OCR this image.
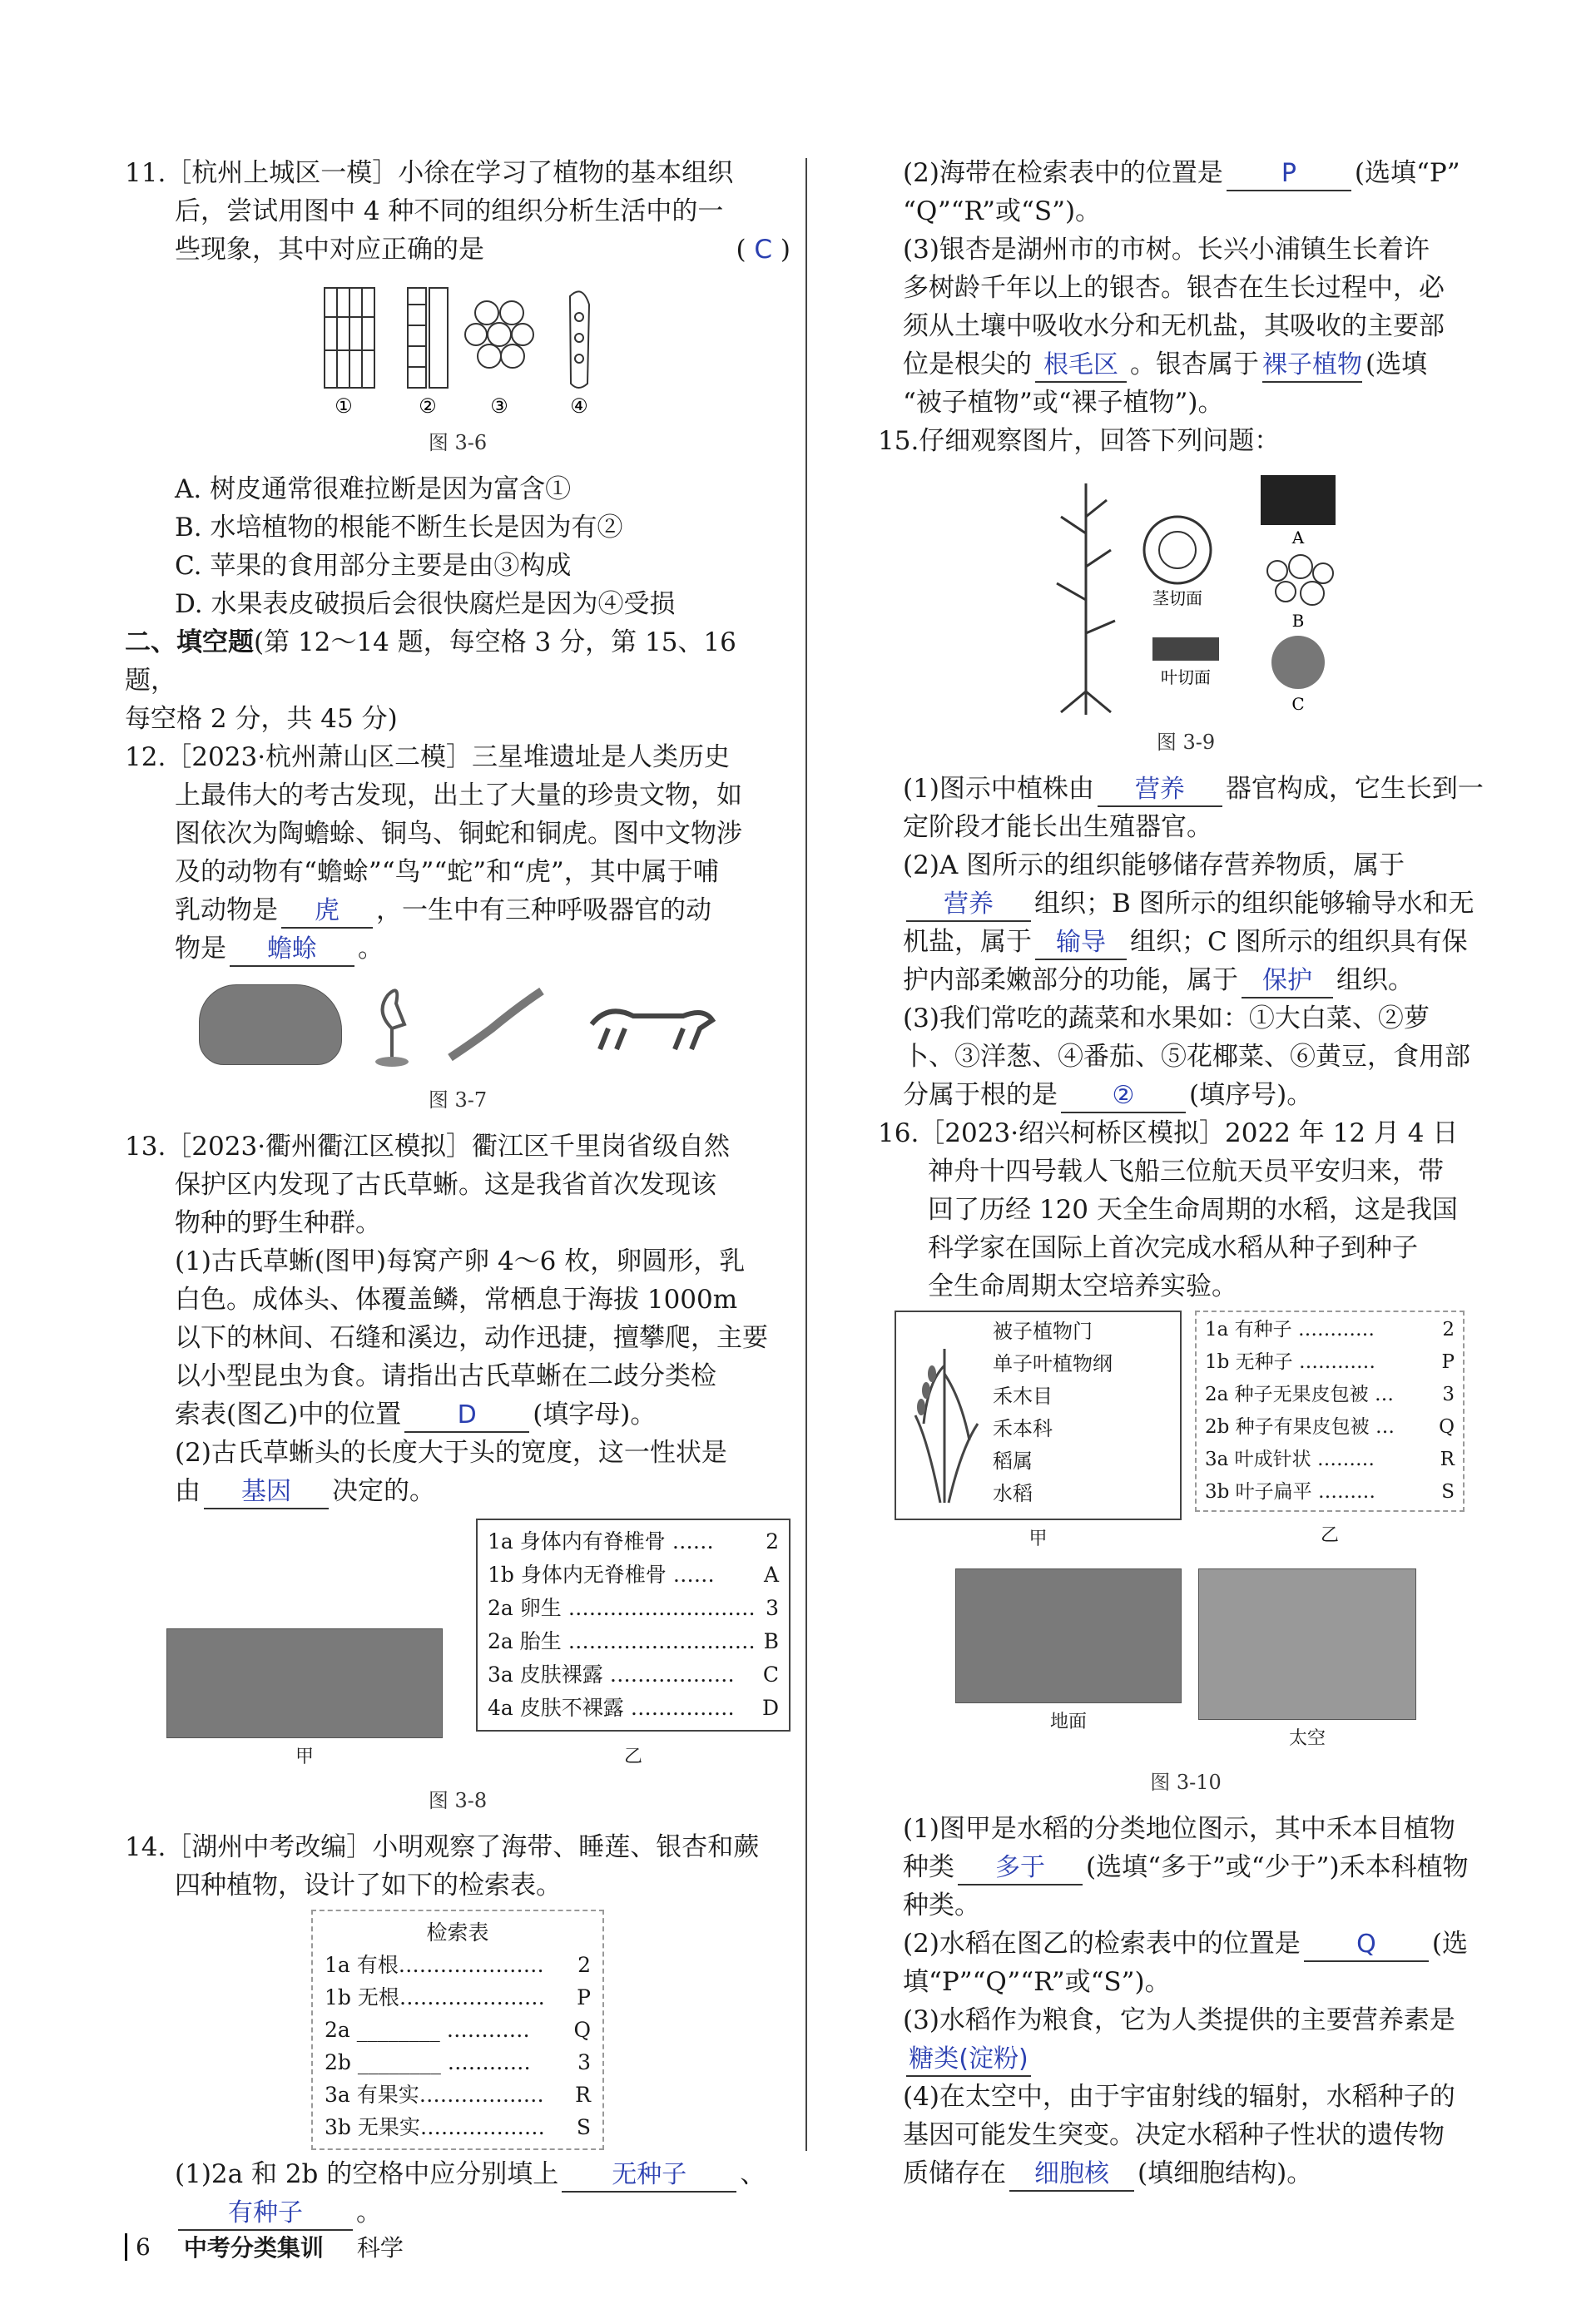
11.［杭州上城区一模］小徐在学习了植物的基本组织

后，尝试用图中 4 种不同的组织分析生活中的一

些现象，其中对应正确的是	( C )

①	②	③	④

图 3-6

A. 树皮通常很难拉断是因为富含①

B. 水培植物的根能不断生长是因为有②

C. 苹果的食用部分主要是由③构成

D. 水果表皮破损后会很快腐烂是因为④受损

二、填空题(第 12～14 题，每空格 3 分，第 15、16 题，

每空格 2 分，共 45 分)

12.［2023·杭州萧山区二模］三星堆遗址是人类历史

上最伟大的考古发现，出土了大量的珍贵文物，如

图依次为陶蟾蜍、铜鸟、铜蛇和铜虎。图中文物涉

及的动物有“蟾蜍”“鸟”“蛇”和“虎”，其中属于哺

乳动物是 虎 ，一生中有三种呼吸器官的动

物是 蟾蜍 。

图 3-7

13.［2023·衢州衢江区模拟］衢江区千里岗省级自然

保护区内发现了古氏草蜥。这是我省首次发现该

物种的野生种群。

(1)古氏草蜥(图甲)每窝产卵 4～6 枚，卵圆形，乳

白色。成体头、体覆盖鳞，常栖息于海拔 1000m

以下的林间、石缝和溪边，动作迅捷，擅攀爬，主要

以小型昆虫为食。请指出古氏草蜥在二歧分类检

索表(图乙)中的位置 D (填字母)。

(2)古氏草蜥头的长度大于头的宽度，这一性状是

由 基因 决定的。

甲
1a 身体内有脊椎骨 …… 2
1b 身体内无脊椎骨 …… A
2a 卵生 ……………………… 3
2a 胎生 ……………………… B
3a 皮肤裸露 ……………… C
4a 皮肤不裸露 …………… D
乙

图 3-8

14.［湖州中考改编］小明观察了海带、睡莲、银杏和蕨

四种植物，设计了如下的检索表。

检索表
1a 有根………………… 2
1b 无根………………… P
2a ________ ………… Q
2b ________ ………… 3
3a 有果实……………… R
3b 无果实……………… S

(1)2a 和 2b 的空格中应分别填上 无种子 、

有种子 。

(2)海带在检索表中的位置是 P (选填“P”

“Q”“R”或“S”)。

(3)银杏是湖州市的市树。长兴小浦镇生长着许

多树龄千年以上的银杏。银杏在生长过程中，必

须从土壤中吸收水分和无机盐，其吸收的主要部

位是根尖的 根毛区 。银杏属于 裸子植物 (选填

“被子植物”或“裸子植物”)。

15.仔细观察图片，回答下列问题：

茎切面
叶切面
A
B
C

图 3-9

(1)图示中植株由 营养 器官构成，它生长到一

定阶段才能长出生殖器官。

(2)A 图所示的组织能够储存营养物质，属于

营养 组织；B 图所示的组织能够输导水和无

机盐，属于 输导 组织；C 图所示的组织具有保

护内部柔嫩部分的功能，属于 保护 组织。

(3)我们常吃的蔬菜和水果如：①大白菜、②萝

卜、③洋葱、④番茄、⑤花椰菜、⑥黄豆，食用部

分属于根的是 ② (填序号)。

16.［2023·绍兴柯桥区模拟］2022 年 12 月 4 日

神舟十四号载人飞船三位航天员平安归来，带

回了历经 120 天全生命周期的水稻，这是我国

科学家在国际上首次完成水稻从种子到种子

全生命周期太空培养实验。

被子植物门
单子叶植物纲
禾木目
禾本科
稻属
水稻
甲
1a 有种子 …………	2
1b 无种子 …………	P
2a 种子无果皮包被 …	3
2b 种子有果皮包被 … Q
3a 叶成针状 ………	R
3b 叶子扁平 ………	S
乙
地面
太空

图 3-10

(1)图甲是水稻的分类地位图示，其中禾本目植物

种类 多于 (选填“多于”或“少于”)禾本科植物

种类。

(2)水稻在图乙的检索表中的位置是 Q (选

填“P”“Q”“R”或“S”)。

(3)水稻作为粮食，它为人类提供的主要营养素是

糖类(淀粉)

(4)在太空中，由于宇宙射线的辐射，水稻种子的

基因可能发生突变。决定水稻种子性状的遗传物

质储存在 细胞核 (填细胞结构)。

6 中考分类集训 科学
